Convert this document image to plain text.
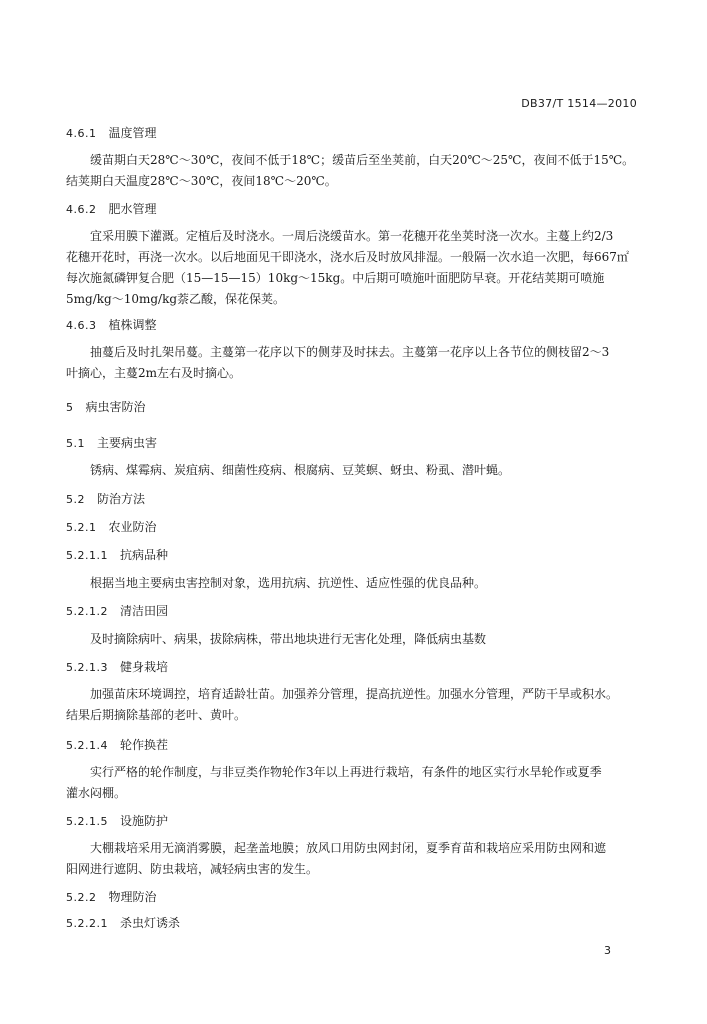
DB37/T 1514—2010
4.6.1 温度管理
缓苗期白天28℃～30℃，夜间不低于18℃；缓苗后至坐荚前，白天20℃～25℃，夜间不低于15℃。
结荚期白天温度28℃～30℃，夜间18℃～20℃。
4.6.2 肥水管理
宜采用膜下灌溉。定植后及时浇水。一周后浇缓苗水。第一花穗开花坐荚时浇一次水。主蔓上约2/3
花穗开花时，再浇一次水。以后地面见干即浇水，浇水后及时放风排湿。一般隔一次水追一次肥，每667㎡
每次施氮磷钾复合肥（15—15—15）10kg～15kg。中后期可喷施叶面肥防早衰。开花结荚期可喷施
5mg/kg～10mg/kg萘乙酸，保花保荚。
4.6.3 植株调整
抽蔓后及时扎架吊蔓。主蔓第一花序以下的侧芽及时抹去。主蔓第一花序以上各节位的侧枝留2～3
叶摘心，主蔓2m左右及时摘心。
5 病虫害防治
5.1 主要病虫害
锈病、煤霉病、炭疽病、细菌性疫病、根腐病、豆荚螟、蚜虫、粉虱、潜叶蝇。
5.2 防治方法
5.2.1 农业防治
5.2.1.1 抗病品种
根据当地主要病虫害控制对象，选用抗病、抗逆性、适应性强的优良品种。
5.2.1.2 清洁田园
及时摘除病叶、病果，拔除病株，带出地块进行无害化处理，降低病虫基数
5.2.1.3 健身栽培
加强苗床环境调控，培育适龄壮苗。加强养分管理，提高抗逆性。加强水分管理，严防干旱或积水。
结果后期摘除基部的老叶、黄叶。
5.2.1.4 轮作换茬
实行严格的轮作制度，与非豆类作物轮作3年以上再进行栽培，有条件的地区实行水旱轮作或夏季
灌水闷棚。
5.2.1.5 设施防护
大棚栽培采用无滴消雾膜，起垄盖地膜；放风口用防虫网封闭，夏季育苗和栽培应采用防虫网和遮
阳网进行遮阴、防虫栽培，减轻病虫害的发生。
5.2.2 物理防治
5.2.2.1 杀虫灯诱杀
3
